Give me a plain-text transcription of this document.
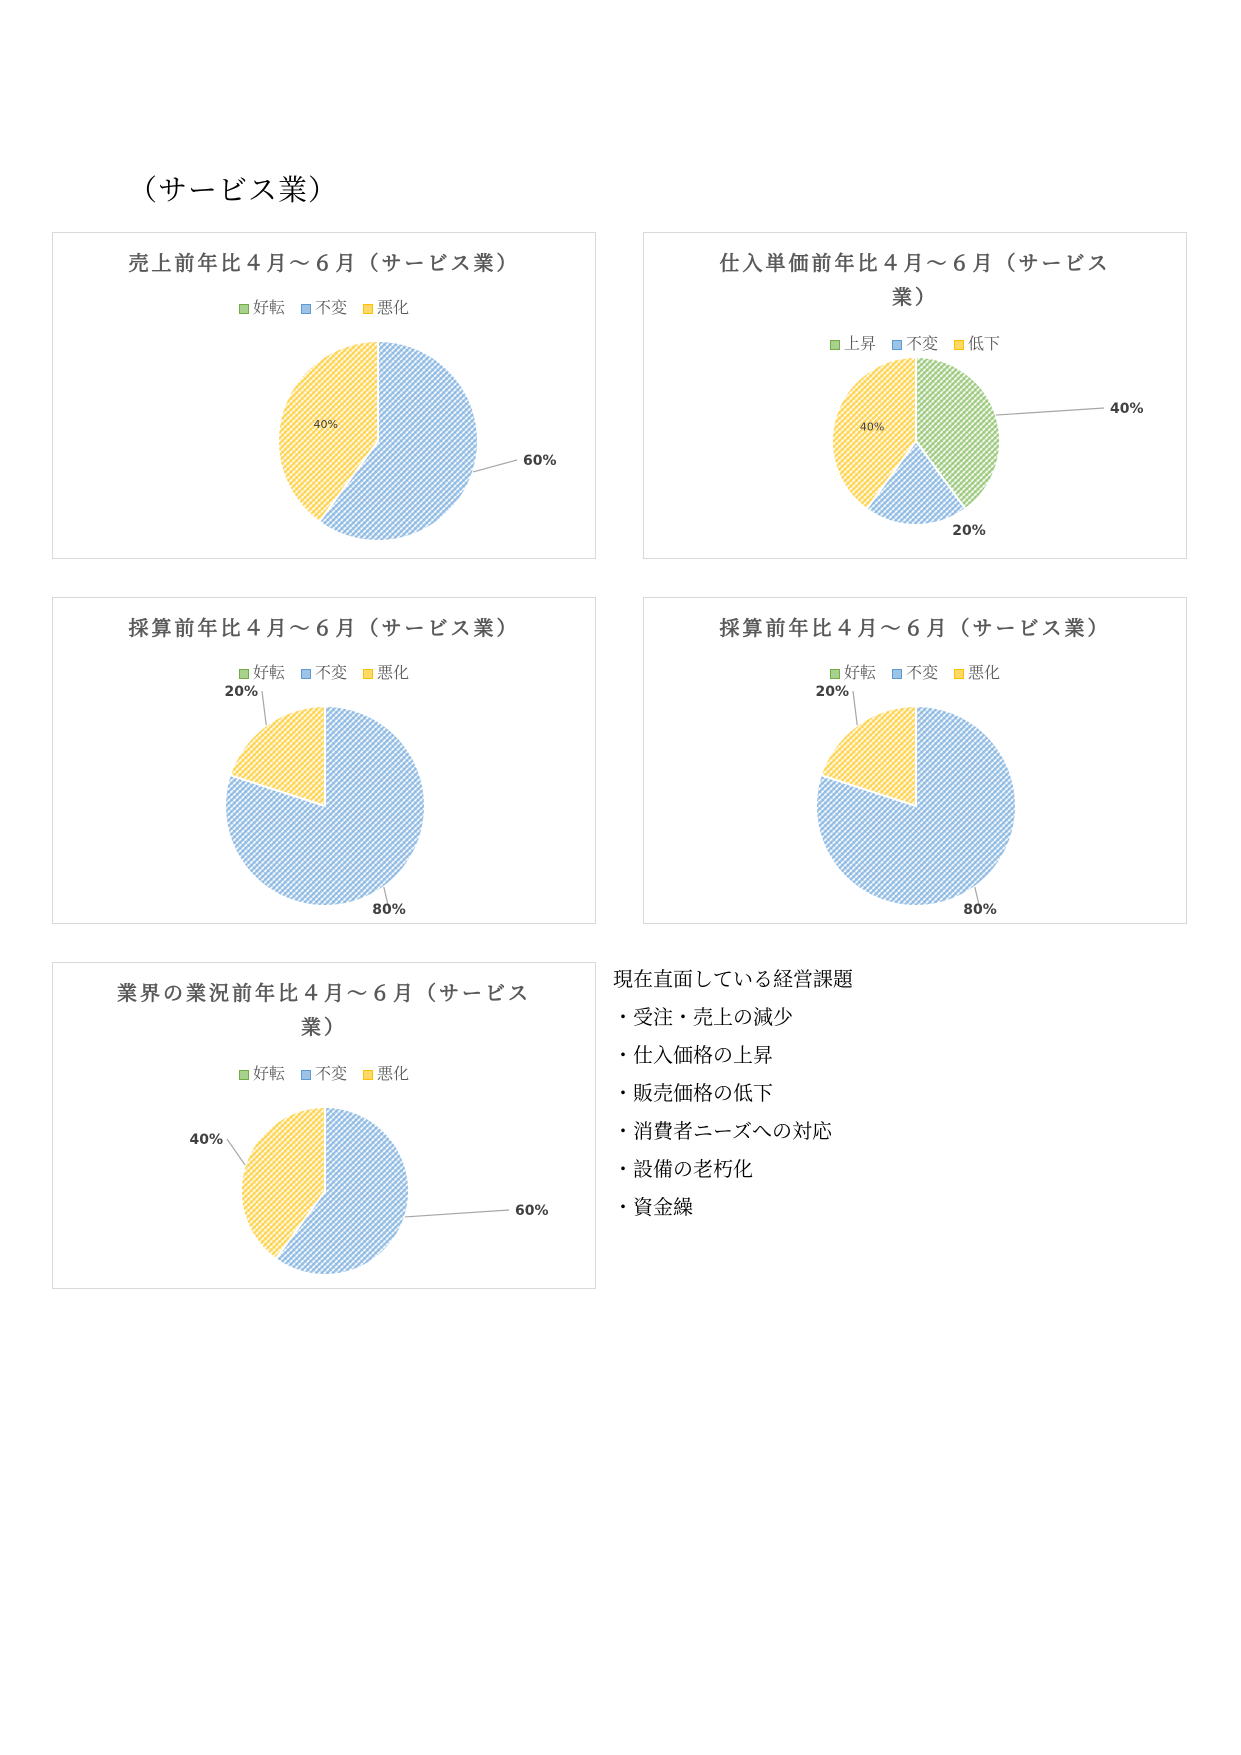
（サービス業）
売上前年比４月～６月（サービス業）
好転 不変 悪化
60%
40%
仕入単価前年比４月～６月（サービス
業）
上昇 不変 低下
40%
20%
40%
採算前年比４月～６月（サービス業）
好転 不変 悪化
80%
20%
採算前年比４月～６月（サービス業）
好転 不変 悪化
80%
20%
業界の業況前年比４月～６月（サービス
業）
好転 不変 悪化
60%
40%
現在直面している経営課題
・受注・売上の減少
・仕入価格の上昇
・販売価格の低下
・消費者ニーズへの対応
・設備の老朽化
・資金繰
